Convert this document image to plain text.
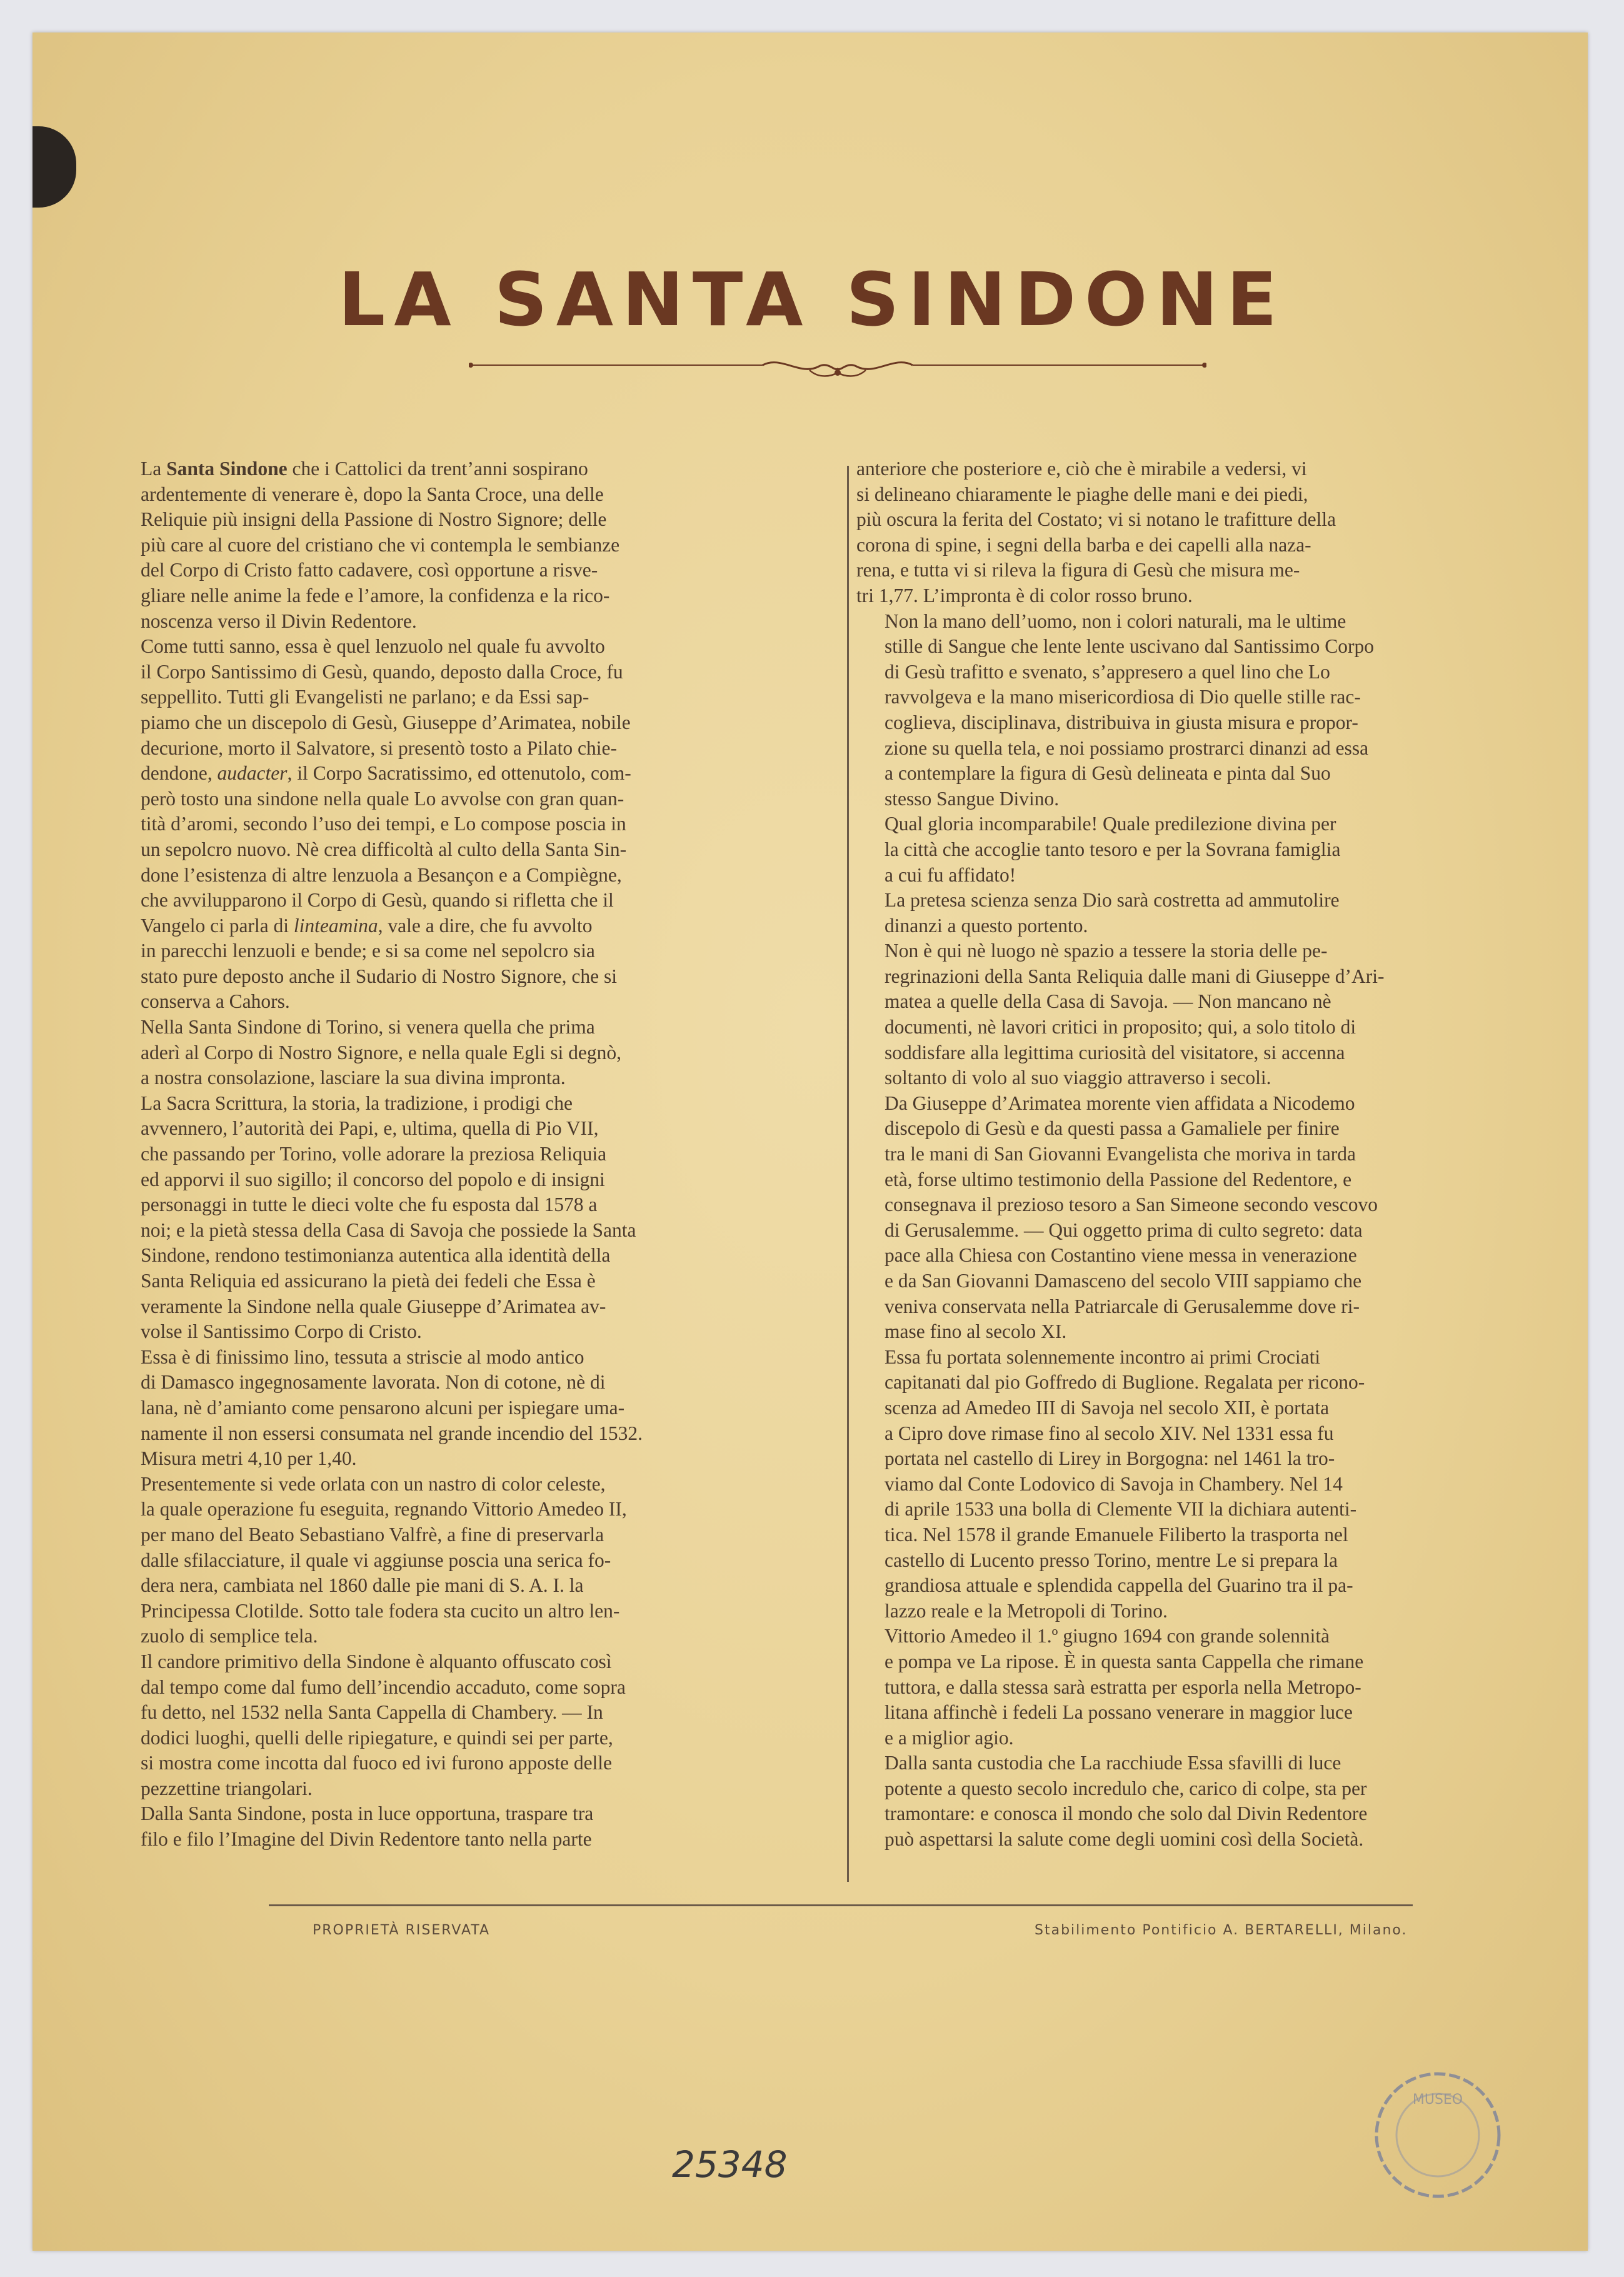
LA SANTA SINDONE

La Santa Sindone che i Cattolici da trent’anni sospirano
ardentemente di venerare è, dopo la Santa Croce, una delle
Reliquie più insigni della Passione di Nostro Signore; delle
più care al cuore del cristiano che vi contempla le sembianze
del Corpo di Cristo fatto cadavere, così opportune a risve-
gliare nelle anime la fede e l’amore, la confidenza e la rico-
noscenza verso il Divin Redentore.

Come tutti sanno, essa è quel lenzuolo nel quale fu avvolto
il Corpo Santissimo di Gesù, quando, deposto dalla Croce, fu
seppellito. Tutti gli Evangelisti ne parlano; e da Essi sap-
piamo che un discepolo di Gesù, Giuseppe d’Arimatea, nobile
decurione, morto il Salvatore, si presentò tosto a Pilato chie-
dendone, audacter, il Corpo Sacratissimo, ed ottenutolo, com-
però tosto una sindone nella quale Lo avvolse con gran quan-
tità d’aromi, secondo l’uso dei tempi, e Lo compose poscia in
un sepolcro nuovo. Nè crea difficoltà al culto della Santa Sin-
done l’esistenza di altre lenzuola a Besançon e a Compiègne,
che avvilupparono il Corpo di Gesù, quando si rifletta che il
Vangelo ci parla di linteamina, vale a dire, che fu avvolto
in parecchi lenzuoli e bende; e si sa come nel sepolcro sia
stato pure deposto anche il Sudario di Nostro Signore, che si
conserva a Cahors.

Nella Santa Sindone di Torino, si venera quella che prima
aderì al Corpo di Nostro Signore, e nella quale Egli si degnò,
a nostra consolazione, lasciare la sua divina impronta.

La Sacra Scrittura, la storia, la tradizione, i prodigi che
avvennero, l’autorità dei Papi, e, ultima, quella di Pio VII,
che passando per Torino, volle adorare la preziosa Reliquia
ed apporvi il suo sigillo; il concorso del popolo e di insigni
personaggi in tutte le dieci volte che fu esposta dal 1578 a
noi; e la pietà stessa della Casa di Savoja che possiede la Santa
Sindone, rendono testimonianza autentica alla identità della
Santa Reliquia ed assicurano la pietà dei fedeli che Essa è
veramente la Sindone nella quale Giuseppe d’Arimatea av-
volse il Santissimo Corpo di Cristo.

Essa è di finissimo lino, tessuta a striscie al modo antico
di Damasco ingegnosamente lavorata. Non di cotone, nè di
lana, nè d’amianto come pensarono alcuni per ispiegare uma-
namente il non essersi consumata nel grande incendio del 1532.
Misura metri 4,10 per 1,40.

Presentemente si vede orlata con un nastro di color celeste,
la quale operazione fu eseguita, regnando Vittorio Amedeo II,
per mano del Beato Sebastiano Valfrè, a fine di preservarla
dalle sfilacciature, il quale vi aggiunse poscia una serica fo-
dera nera, cambiata nel 1860 dalle pie mani di S. A. I. la
Principessa Clotilde. Sotto tale fodera sta cucito un altro len-
zuolo di semplice tela.

Il candore primitivo della Sindone è alquanto offuscato così
dal tempo come dal fumo dell’incendio accaduto, come sopra
fu detto, nel 1532 nella Santa Cappella di Chambery. — In
dodici luoghi, quelli delle ripiegature, e quindi sei per parte,
si mostra come incotta dal fuoco ed ivi furono apposte delle
pezzettine triangolari.

Dalla Santa Sindone, posta in luce opportuna, traspare tra
filo e filo l’Imagine del Divin Redentore tanto nella parte

anteriore che posteriore e, ciò che è mirabile a vedersi, vi
si delineano chiaramente le piaghe delle mani e dei piedi,
più oscura la ferita del Costato; vi si notano le trafitture della
corona di spine, i segni della barba e dei capelli alla naza-
rena, e tutta vi si rileva la figura di Gesù che misura me-
tri 1,77. L’impronta è di color rosso bruno.

Non la mano dell’uomo, non i colori naturali, ma le ultime
stille di Sangue che lente lente uscivano dal Santissimo Corpo
di Gesù trafitto e svenato, s’appresero a quel lino che Lo
ravvolgeva e la mano misericordiosa di Dio quelle stille rac-
coglieva, disciplinava, distribuiva in giusta misura e propor-
zione su quella tela, e noi possiamo prostrarci dinanzi ad essa
a contemplare la figura di Gesù delineata e pinta dal Suo
stesso Sangue Divino.

Qual gloria incomparabile! Quale predilezione divina per
la città che accoglie tanto tesoro e per la Sovrana famiglia
a cui fu affidato!

La pretesa scienza senza Dio sarà costretta ad ammutolire
dinanzi a questo portento.

Non è qui nè luogo nè spazio a tessere la storia delle pe-
regrinazioni della Santa Reliquia dalle mani di Giuseppe d’Ari-
matea a quelle della Casa di Savoja. — Non mancano nè
documenti, nè lavori critici in proposito; qui, a solo titolo di
soddisfare alla legittima curiosità del visitatore, si accenna
soltanto di volo al suo viaggio attraverso i secoli.

Da Giuseppe d’Arimatea morente vien affidata a Nicodemo
discepolo di Gesù e da questi passa a Gamaliele per finire
tra le mani di San Giovanni Evangelista che moriva in tarda
età, forse ultimo testimonio della Passione del Redentore, e
consegnava il prezioso tesoro a San Simeone secondo vescovo
di Gerusalemme. — Qui oggetto prima di culto segreto: data
pace alla Chiesa con Costantino viene messa in venerazione
e da San Giovanni Damasceno del secolo VIII sappiamo che
veniva conservata nella Patriarcale di Gerusalemme dove ri-
mase fino al secolo XI.

Essa fu portata solennemente incontro ai primi Crociati
capitanati dal pio Goffredo di Buglione. Regalata per ricono-
scenza ad Amedeo III di Savoja nel secolo XII, è portata
a Cipro dove rimase fino al secolo XIV. Nel 1331 essa fu
portata nel castello di Lirey in Borgogna: nel 1461 la tro-
viamo dal Conte Lodovico di Savoja in Chambery. Nel 14
di aprile 1533 una bolla di Clemente VII la dichiara autenti-
tica. Nel 1578 il grande Emanuele Filiberto la trasporta nel
castello di Lucento presso Torino, mentre Le si prepara la
grandiosa attuale e splendida cappella del Guarino tra il pa-
lazzo reale e la Metropoli di Torino.

Vittorio Amedeo il 1.º giugno 1694 con grande solennità
e pompa ve La ripose. È in questa santa Cappella che rimane
tuttora, e dalla stessa sarà estratta per esporla nella Metropo-
litana affinchè i fedeli La possano venerare in maggior luce
e a miglior agio.

Dalla santa custodia che La racchiude Essa sfavilli di luce
potente a questo secolo incredulo che, carico di colpe, sta per
tramontare: e conosca il mondo che solo dal Divin Redentore
può aspettarsi la salute come degli uomini così della Società.

PROPRIETÀ RISERVATA	Stabilimento Pontificio A. BERTARELLI, Milano.
25348
MUSEO
